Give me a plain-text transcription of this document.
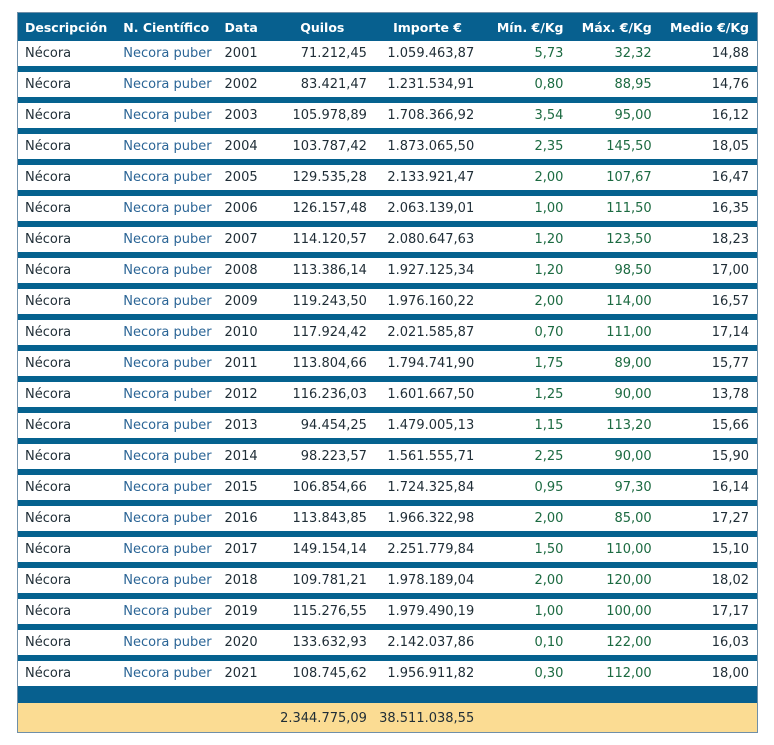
Descripción	N. Científico	Data	Quilos	Importe €	Mín. €/Kg	Máx. €/Kg	Medio €/Kg
Nécora	Necora puber	2001	71.212,45	1.059.463,87	5,73	32,32	14,88

Nécora	Necora puber	2002	83.421,47	1.231.534,91	0,80	88,95	14,76

Nécora	Necora puber	2003	105.978,89	1.708.366,92	3,54	95,00	16,12

Nécora	Necora puber	2004	103.787,42	1.873.065,50	2,35	145,50	18,05

Nécora	Necora puber	2005	129.535,28	2.133.921,47	2,00	107,67	16,47

Nécora	Necora puber	2006	126.157,48	2.063.139,01	1,00	111,50	16,35

Nécora	Necora puber	2007	114.120,57	2.080.647,63	1,20	123,50	18,23

Nécora	Necora puber	2008	113.386,14	1.927.125,34	1,20	98,50	17,00

Nécora	Necora puber	2009	119.243,50	1.976.160,22	2,00	114,00	16,57

Nécora	Necora puber	2010	117.924,42	2.021.585,87	0,70	111,00	17,14

Nécora	Necora puber	2011	113.804,66	1.794.741,90	1,75	89,00	15,77

Nécora	Necora puber	2012	116.236,03	1.601.667,50	1,25	90,00	13,78

Nécora	Necora puber	2013	94.454,25	1.479.005,13	1,15	113,20	15,66

Nécora	Necora puber	2014	98.223,57	1.561.555,71	2,25	90,00	15,90

Nécora	Necora puber	2015	106.854,66	1.724.325,84	0,95	97,30	16,14

Nécora	Necora puber	2016	113.843,85	1.966.322,98	2,00	85,00	17,27

Nécora	Necora puber	2017	149.154,14	2.251.779,84	1,50	110,00	15,10

Nécora	Necora puber	2018	109.781,21	1.978.189,04	2,00	120,00	18,02

Nécora	Necora puber	2019	115.276,55	1.979.490,19	1,00	100,00	17,17

Nécora	Necora puber	2020	133.632,93	2.142.037,86	0,10	122,00	16,03

Nécora	Necora puber	2021	108.745,62	1.956.911,82	0,30	112,00	18,00

			2.344.775,09	38.511.038,55			
